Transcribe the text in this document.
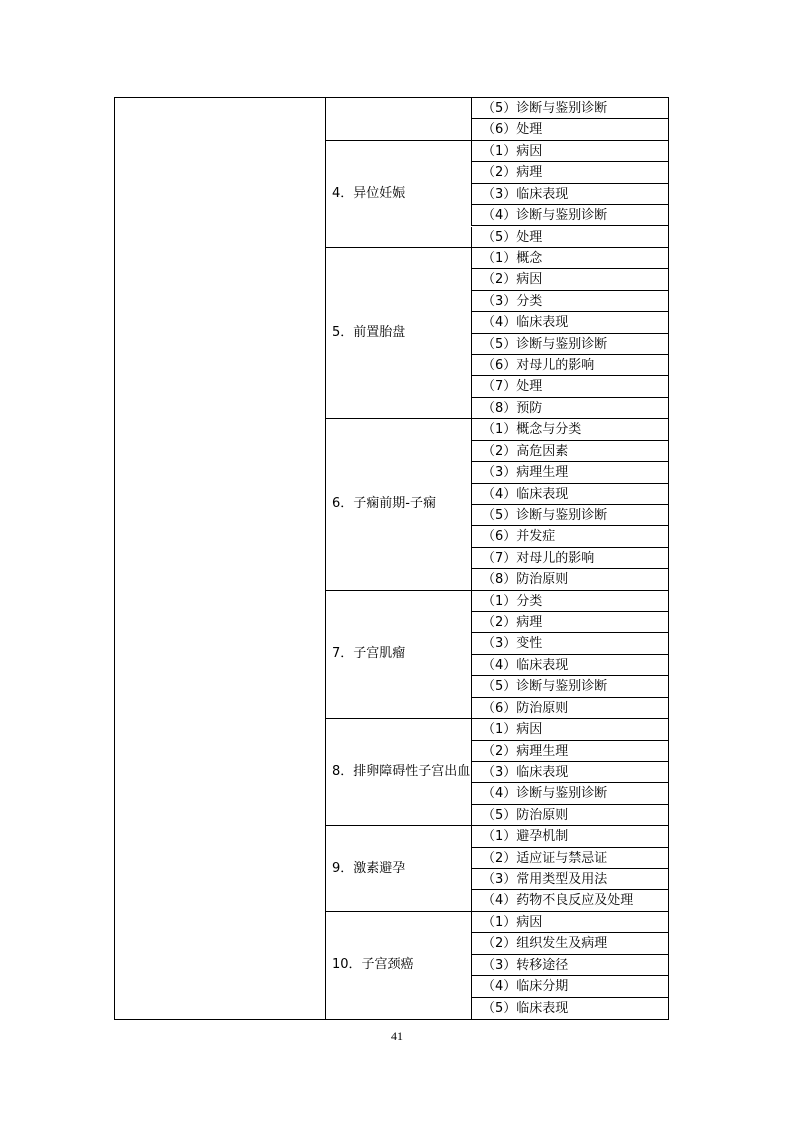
（5）诊断与鉴别诊断
（6）处理
4．异位妊娠
（1）病因
（2）病理
（3）临床表现
（4）诊断与鉴别诊断
（5）处理
5．前置胎盘
（1）概念
（2）病因
（3）分类
（4）临床表现
（5）诊断与鉴别诊断
（6）对母儿的影响
（7）处理
（8）预防
6．子痫前期-子痫
（1）概念与分类
（2）高危因素
（3）病理生理
（4）临床表现
（5）诊断与鉴别诊断
（6）并发症
（7）对母儿的影响
（8）防治原则
7．子宫肌瘤
（1）分类
（2）病理
（3）变性
（4）临床表现
（5）诊断与鉴别诊断
（6）防治原则
8．排卵障碍性子宫出血
（1）病因
（2）病理生理
（3）临床表现
（4）诊断与鉴别诊断
（5）防治原则
9．激素避孕
（1）避孕机制
（2）适应证与禁忌证
（3）常用类型及用法
（4）药物不良反应及处理
10．子宫颈癌
（1）病因
（2）组织发生及病理
（3）转移途径
（4）临床分期
（5）临床表现
41
